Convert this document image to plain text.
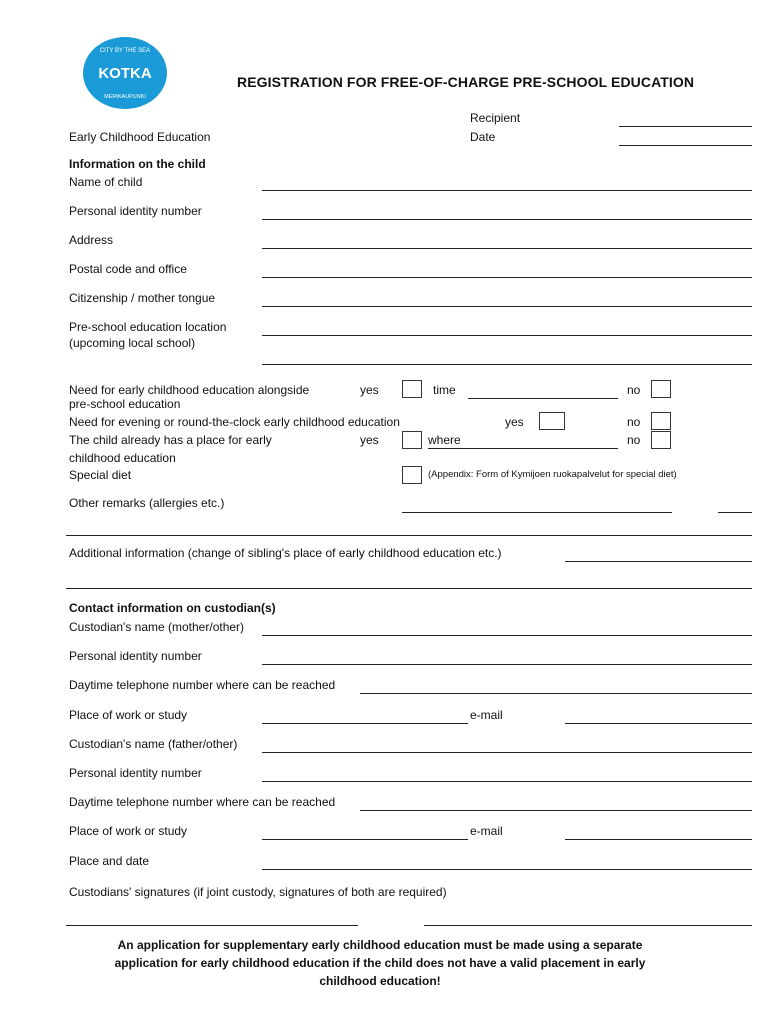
KOTKA
CITY BY THE SEA
MERIKAUPUNKI
REGISTRATION FOR FREE-OF-CHARGE PRE-SCHOOL EDUCATION
Recipient
Date
Early Childhood Education
Information on the child
Name of child
Personal identity number
Address
Postal code and office
Citizenship / mother tongue
Pre-school education location
(upcoming local school)
Need for early childhood education alongside
pre-school education
yes	time	no
Need for evening or round-the-clock early childhood education	yes	no
The child already has a place for early
childhood education
yes	where	no
Special diet	(Appendix: Form of Kymijoen ruokapalvelut for special diet)
Other remarks (allergies etc.)
Additional information (change of sibling's place of early childhood education etc.)
Contact information on custodian(s)
Custodian's name (mother/other)
Personal identity number
Daytime telephone number where can be reached
Place of work or study	e-mail
Custodian's name (father/other)
Personal identity number
Daytime telephone number where can be reached
Place of work or study	e-mail
Place and date
Custodians' signatures (if joint custody, signatures of both are required)
An application for supplementary early childhood education must be made using a separate
application for early childhood education if the child does not have a valid placement in early
childhood education!
